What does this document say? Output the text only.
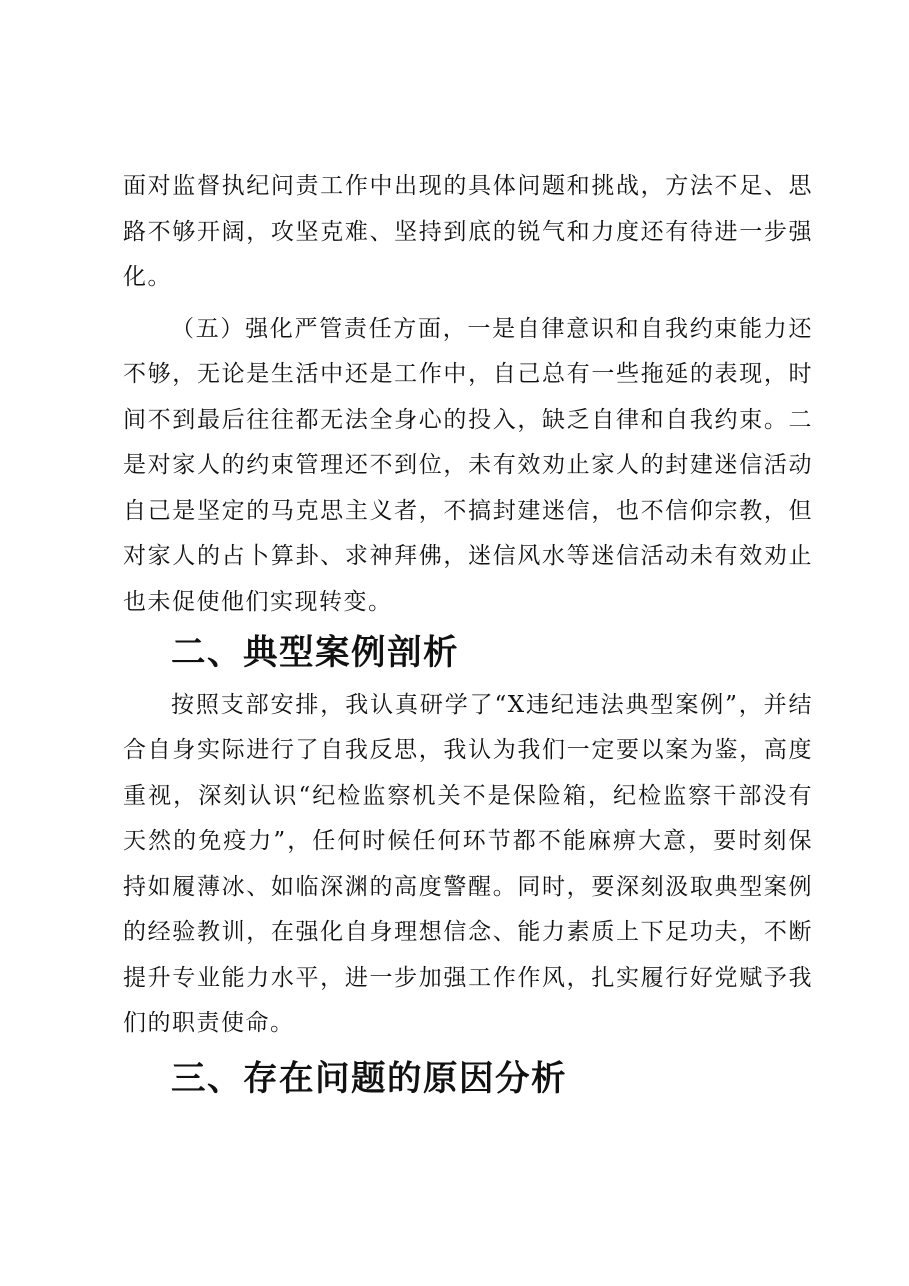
面对监督执纪问责工作中出现的具体问题和挑战，方法不足、思路不够开阔，攻坚克难、坚持到底的锐气和力度还有待进一步强化。

（五）强化严管责任方面，一是自律意识和自我约束能力还不够，无论是生活中还是工作中，自己总有一些拖延的表现，时间不到最后往往都无法全身心的投入，缺乏自律和自我约束。二是对家人的约束管理还不到位，未有效劝止家人的封建迷信活动自己是坚定的马克思主义者，不搞封建迷信，也不信仰宗教，但对家人的占卜算卦、求神拜佛，迷信风水等迷信活动未有效劝止也未促使他们实现转变。

二、典型案例剖析

按照支部安排，我认真研学了“X违纪违法典型案例”，并结合自身实际进行了自我反思，我认为我们一定要以案为鉴，高度重视，深刻认识“纪检监察机关不是保险箱，纪检监察干部没有天然的免疫力”，任何时候任何环节都不能麻痹大意，要时刻保持如履薄冰、如临深渊的高度警醒。同时，要深刻汲取典型案例的经验教训，在强化自身理想信念、能力素质上下足功夫，不断提升专业能力水平，进一步加强工作作风，扎实履行好党赋予我们的职责使命。

三、存在问题的原因分析
